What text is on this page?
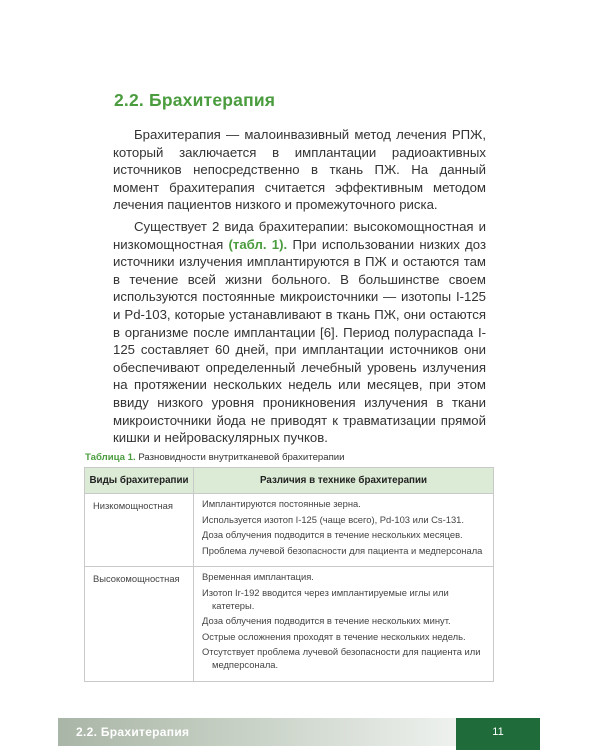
2.2. Брахитерапия

Брахитерапия — малоинвазивный метод лечения РПЖ, который заключается в имплантации радиоактивных источников непосредственно в ткань ПЖ. На данный момент брахитерапия считается эффективным методом лечения пациентов низкого и промежуточного риска.

Существует 2 вида брахитерапии: высокомощностная и низкомощностная (табл. 1). При использовании низких доз источники излучения имплантируются в ПЖ и остаются там в течение всей жизни больного. В большинстве своем используются постоянные микроисточники — изотопы I-125 и Pd-103, которые устанавливают в ткань ПЖ, они остаются в организме после имплантации [6]. Период полураспада I-125 составляет 60 дней, при имплантации источников они обеспечивают определенный лечебный уровень излучения на протяжении нескольких недель или месяцев, при этом ввиду низкого уровня проникновения излучения в ткани микроисточники йода не приводят к травматизации прямой кишки и нейроваскулярных пучков.

Таблица 1. Разновидности внутритканевой брахитерапии

Виды брахитерапии	Различия в технике брахитерапии
Низкомощностная	Имплантируются постоянные зерна.

Используется изотоп I-125 (чаще всего), Pd-103 или Cs-131.

Доза облучения подводится в течение нескольких месяцев.

Проблема лучевой безопасности для пациента и медперсонала

Высокомощностная	Временная имплантация.

Изотоп Ir-192 вводится через имплантируемые иглы или катетеры.

Доза облучения подводится в течение нескольких минут.

Острые осложнения проходят в течение нескольких недель.

Отсутствует проблема лучевой безопасности для пациента или медперсонала.

2.2. Брахитерапия	11
